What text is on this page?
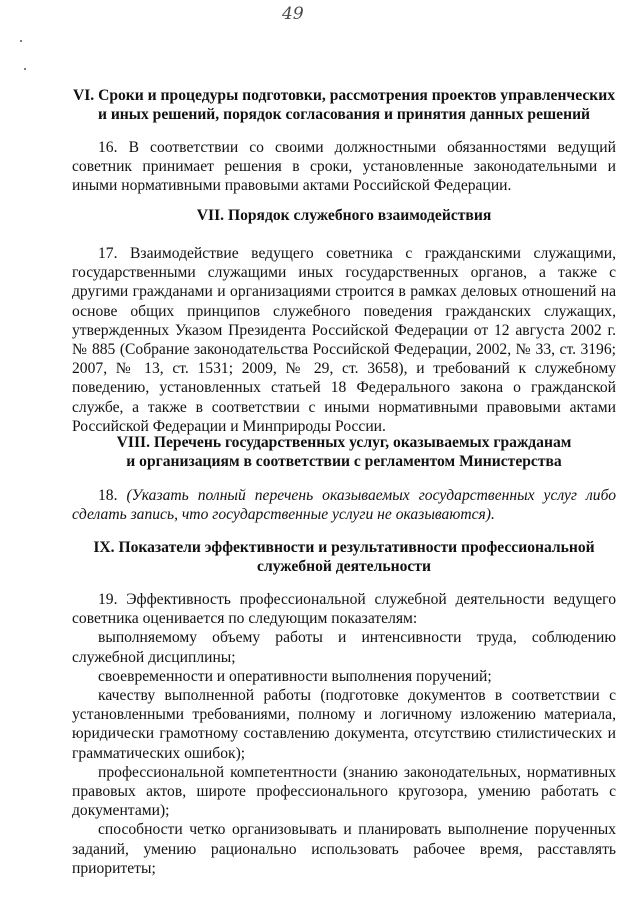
49
VI. Сроки и процедуры подготовки, рассмотрения проектов управленческих
и иных решений, порядок согласования и принятия данных решений

16. В соответствии со своими должностными обязанностями ведущий советник принимает решения в сроки, установленные законодательными и иными нормативными правовыми актами Российской Федерации.

VII. Порядок служебного взаимодействия

17. Взаимодействие ведущего советника с гражданскими служащими, государственными служащими иных государственных органов, а также с другими гражданами и организациями строится в рамках деловых отношений на основе общих принципов служебного поведения гражданских служащих, утвержденных Указом Президента Российской Федерации от 12 августа 2002 г. № 885 (Собрание законодательства Российской Федерации, 2002, № 33, ст. 3196; 2007, № 13, ст. 1531; 2009, № 29, ст. 3658), и требований к служебному поведению, установленных статьей 18 Федерального закона о гражданской службе, а также в соответствии с иными нормативными правовыми актами Российской Федерации и Минприроды России.

VIII. Перечень государственных услуг, оказываемых гражданам
и организациям в соответствии с регламентом Министерства

18. (Указать полный перечень оказываемых государственных услуг либо сделать запись, что государственные услуги не оказываются).

IX. Показатели эффективности и результативности профессиональной
служебной деятельности

19. Эффективность профессиональной служебной деятельности ведущего советника оценивается по следующим показателям:

выполняемому объему работы и интенсивности труда, соблюдению служебной дисциплины;
своевременности и оперативности выполнения поручений;
качеству выполненной работы (подготовке документов в соответствии с установленными требованиями, полному и логичному изложению материала, юридически грамотному составлению документа, отсутствию стилистических и грамматических ошибок);
профессиональной компетентности (знанию законодательных, нормативных правовых актов, широте профессионального кругозора, умению работать с документами);
способности четко организовывать и планировать выполнение порученных заданий, умению рационально использовать рабочее время, расставлять приоритеты;
